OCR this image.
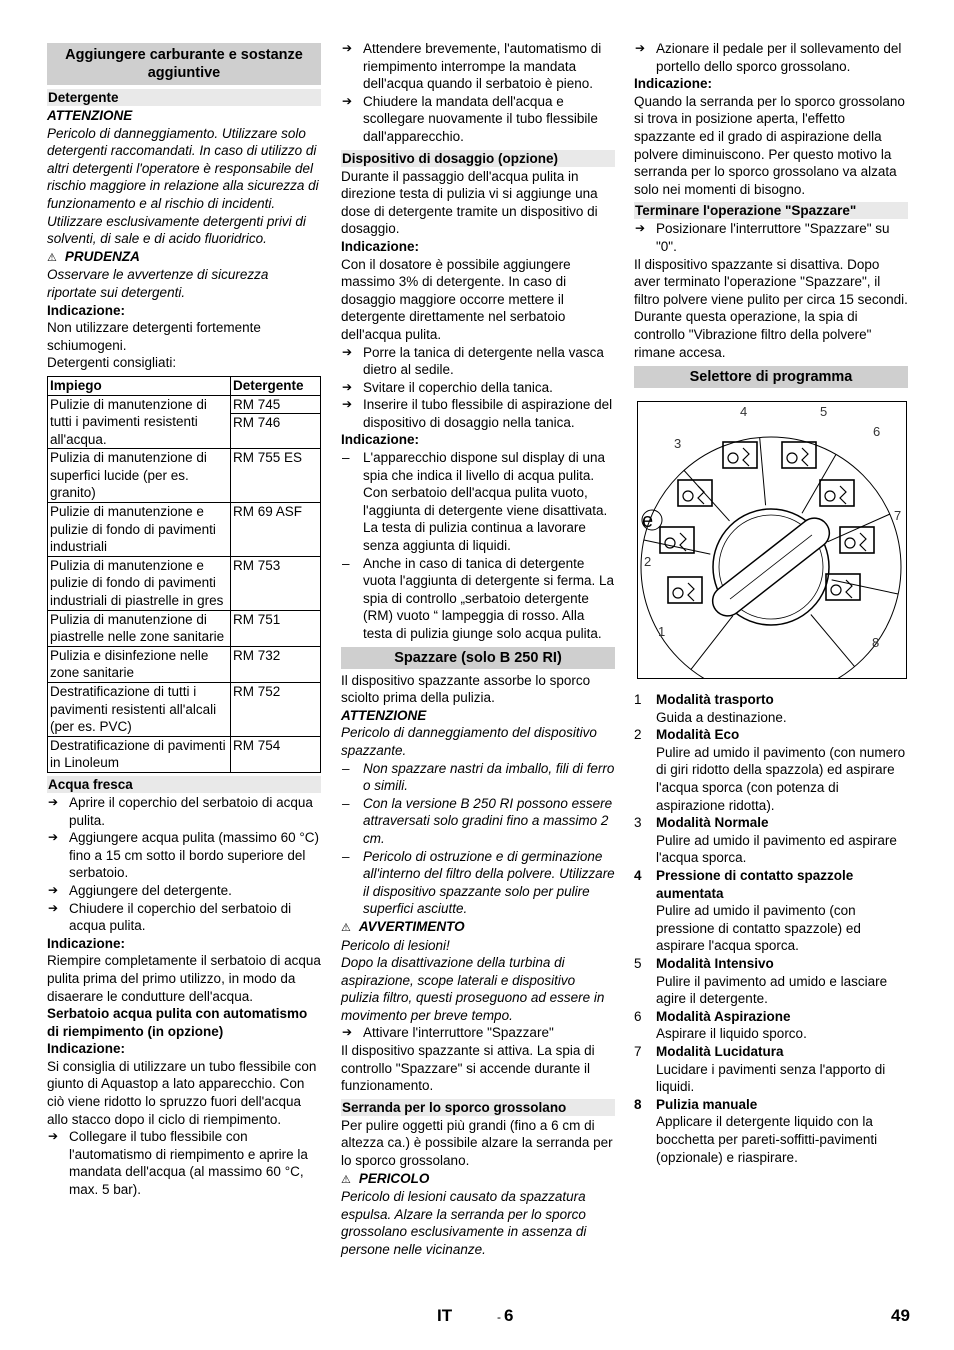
Aggiungere carburante e sostanze aggiuntive
Detergente

ATTENZIONE

Pericolo di danneggiamento. Utilizzare solo detergenti raccomandati. In caso di utilizzo di altri detergenti l'operatore è responsabile del rischio maggiore in relazione alla sicurezza di funzionamento e al rischio di incidenti.

Utilizzare esclusivamente detergenti privi di solventi, di sale e di acido fluoridrico.

⚠ PRUDENZA

Osservare le avvertenze di sicurezza riportate sui detergenti.

Indicazione:

Non utilizzare detergenti fortemente schiumogeni.

Detergenti consigliati:

Impiego	Detergente
Pulizie di manutenzione di tutti i pavimenti resistenti all'acqua.	RM 745
RM 746

Pulizia di manutenzione di superfici lucide (per es. granito)	RM 755 ES

Pulizie di manutenzione e pulizie di fondo di pavimenti industriali	RM 69 ASF

Pulizia di manutenzione e pulizie di fondo di pavimenti industriali di piastrelle in gres	RM 753

Pulizia di manutenzione di piastrelle nelle zone sanitarie	RM 751

Pulizia e disinfezione nelle zone sanitarie	RM 732

Destratificazione di tutti i pavimenti resistenti all'alcali (per es. PVC)	RM 752

Destratificazione di pavimenti in Linoleum	RM 754
Acqua fresca

➔ Aprire il coperchio del serbatoio di acqua pulita.

➔ Aggiungere acqua pulita (massimo 60 °C) fino a 15 cm sotto il bordo superiore del serbatoio.

➔ Aggiungere del detergente.

➔ Chiudere il coperchio del serbatoio di acqua pulita.

Indicazione:

Riempire completamente il serbatoio di acqua pulita prima del primo utilizzo, in modo da disaerare le condutture dell'acqua.

Serbatoio acqua pulita con automatismo di riempimento (in opzione)

Indicazione:

Si consiglia di utilizzare un tubo flessibile con giunto di Aquastop a lato apparecchio. Con ciò viene ridotto lo spruzzo fuori dell'acqua allo stacco dopo il ciclo di riempimento.

➔ Collegare il tubo flessibile con l'automatismo di riempimento e aprire la mandata dell'acqua (al massimo 60 °C, max. 5 bar).

➔ Attendere brevemente, l'automatismo di riempimento interrompe la mandata dell'acqua quando il serbatoio è pieno.

➔ Chiudere la mandata dell'acqua e scollegare nuovamente il tubo flessibile dall'apparecchio.

Dispositivo di dosaggio (opzione)

Durante il passaggio dell'acqua pulita in direzione testa di pulizia vi si aggiunge una dose di detergente tramite un dispositivo di dosaggio.

Indicazione:

Con il dosatore è possibile aggiungere massimo 3% di detergente. In caso di dosaggio maggiore occorre mettere il detergente direttamente nel serbatoio dell'acqua pulita.

➔ Porre la tanica di detergente nella vasca dietro al sedile.

➔ Svitare il coperchio della tanica.

➔ Inserire il tubo flessibile di aspirazione del dispositivo di dosaggio nella tanica.

Indicazione:

– L'apparecchio dispone sul display di una spia che indica il livello di acqua pulita. Con serbatoio dell'acqua pulita vuoto, l'aggiunta di detergente viene disattivata. La testa di pulizia continua a lavorare senza aggiunta di liquidi.

– Anche in caso di tanica di detergente vuota l'aggiunta di detergente si ferma. La spia di controllo „serbatoio detergente (RM) vuoto “ lampeggia di rosso. Alla testa di pulizia giunge solo acqua pulita.

Spazzare (solo B 250 RI)

Il dispositivo spazzante assorbe lo sporco sciolto prima della pulizia.

ATTENZIONE

Pericolo di danneggiamento del dispositivo spazzante.

– Non spazzare nastri da imballo, fili di ferro o simili.

– Con la versione B 250 RI possono essere attraversati solo gradini fino a massimo 2 cm.

– Pericolo di ostruzione e di germinazione all'interno del filtro della polvere. Utilizzare il dispositivo spazzante solo per pulire superfici asciutte.

⚠ AVVERTIMENTO

Pericolo di lesioni!

Dopo la disattivazione della turbina di aspirazione, scope laterali e dispositivo pulizia filtro, questi proseguono ad essere in movimento per breve tempo.

➔ Attivare l'interruttore "Spazzare"

Il dispositivo spazzante si attiva. La spia di controllo "Spazzare" si accende durante il funzionamento.

Serranda per lo sporco grossolano

Per pulire oggetti più grandi (fino a 6 cm di altezza ca.) è possibile alzare la serranda per lo sporco grossolano.

⚠ PERICOLO

Pericolo di lesioni causato da spazzatura espulsa. Alzare la serranda per lo sporco grossolano esclusivamente in assenza di persone nelle vicinanze.

➔ Azionare il pedale per il sollevamento del portello dello sporco grossolano.

Indicazione:

Quando la serranda per lo sporco grossolano si trova in posizione aperta, l'effetto spazzante ed il grado di aspirazione della polvere diminuiscono. Per questo motivo la serranda per lo sporco grossolano va alzata solo nei momenti di bisogno.

Terminare l'operazione "Spazzare"

➔ Posizionare l'interruttore "Spazzare" su "0".

Il dispositivo spazzante si disattiva. Dopo aver terminato l'operazione "Spazzare", il filtro polvere viene pulito per circa 15 secondi. Durante questa operazione, la spia di controllo "Vibrazione filtro della polvere" rimane accesa.

Selettore di programma
1
2
3
4	5
6
7
8
e
1	Modalità trasporto
Guida a destinazione.
2	Modalità Eco
Pulire ad umido il pavimento (con numero di giri ridotto della spazzola) ed aspirare l'acqua sporca (con potenza di aspirazione ridotta).
3	Modalità Normale
Pulire ad umido il pavimento ed aspirare l'acqua sporca.
4	Pressione di contatto spazzole aumentata
Pulire ad umido il pavimento (con pressione di contatto spazzole) ed aspirare l'acqua sporca.
5	Modalità Intensivo
Pulire il pavimento ad umido e lasciare agire il detergente.
6	Modalità Aspirazione
Aspirare il liquido sporco.
7	Modalità Lucidatura
Lucidare i pavimenti senza l'apporto di liquidi.
8	Pulizia manuale
Applicare il detergente liquido con la bocchetta per pareti-soffitti-pavimenti (opzionale) e riaspirare.
IT	- 6	49
